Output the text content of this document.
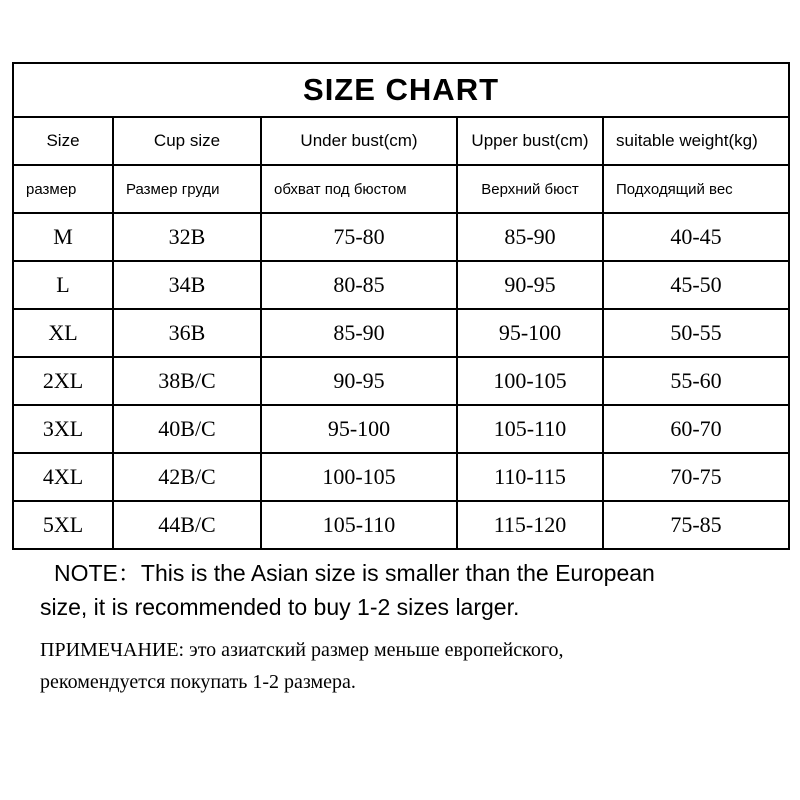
SIZE CHART				
Size	Cup size	Under bust(cm)	Upper bust(cm)	suitable weight(kg)
размер	Размер груди	обхват под бюстом	Верхний бюст	Подходящий вес
M	32B	75-80	85-90	40-45
L	34B	80-85	90-95	45-50
XL	36B	85-90	95-100	50-55
2XL	38B/C	90-95	100-105	55-60
3XL	40B/C	95-100	105-110	60-70
4XL	42B/C	100-105	110-115	70-75
5XL	44B/C	105-110	115-120	75-85

NOTE：This is the Asian size is smaller than the European
size, it is recommended to buy 1-2 sizes larger.

ПРИМЕЧАНИЕ: это азиатский размер меньше европейского,
рекомендуется покупать 1-2 размера.
